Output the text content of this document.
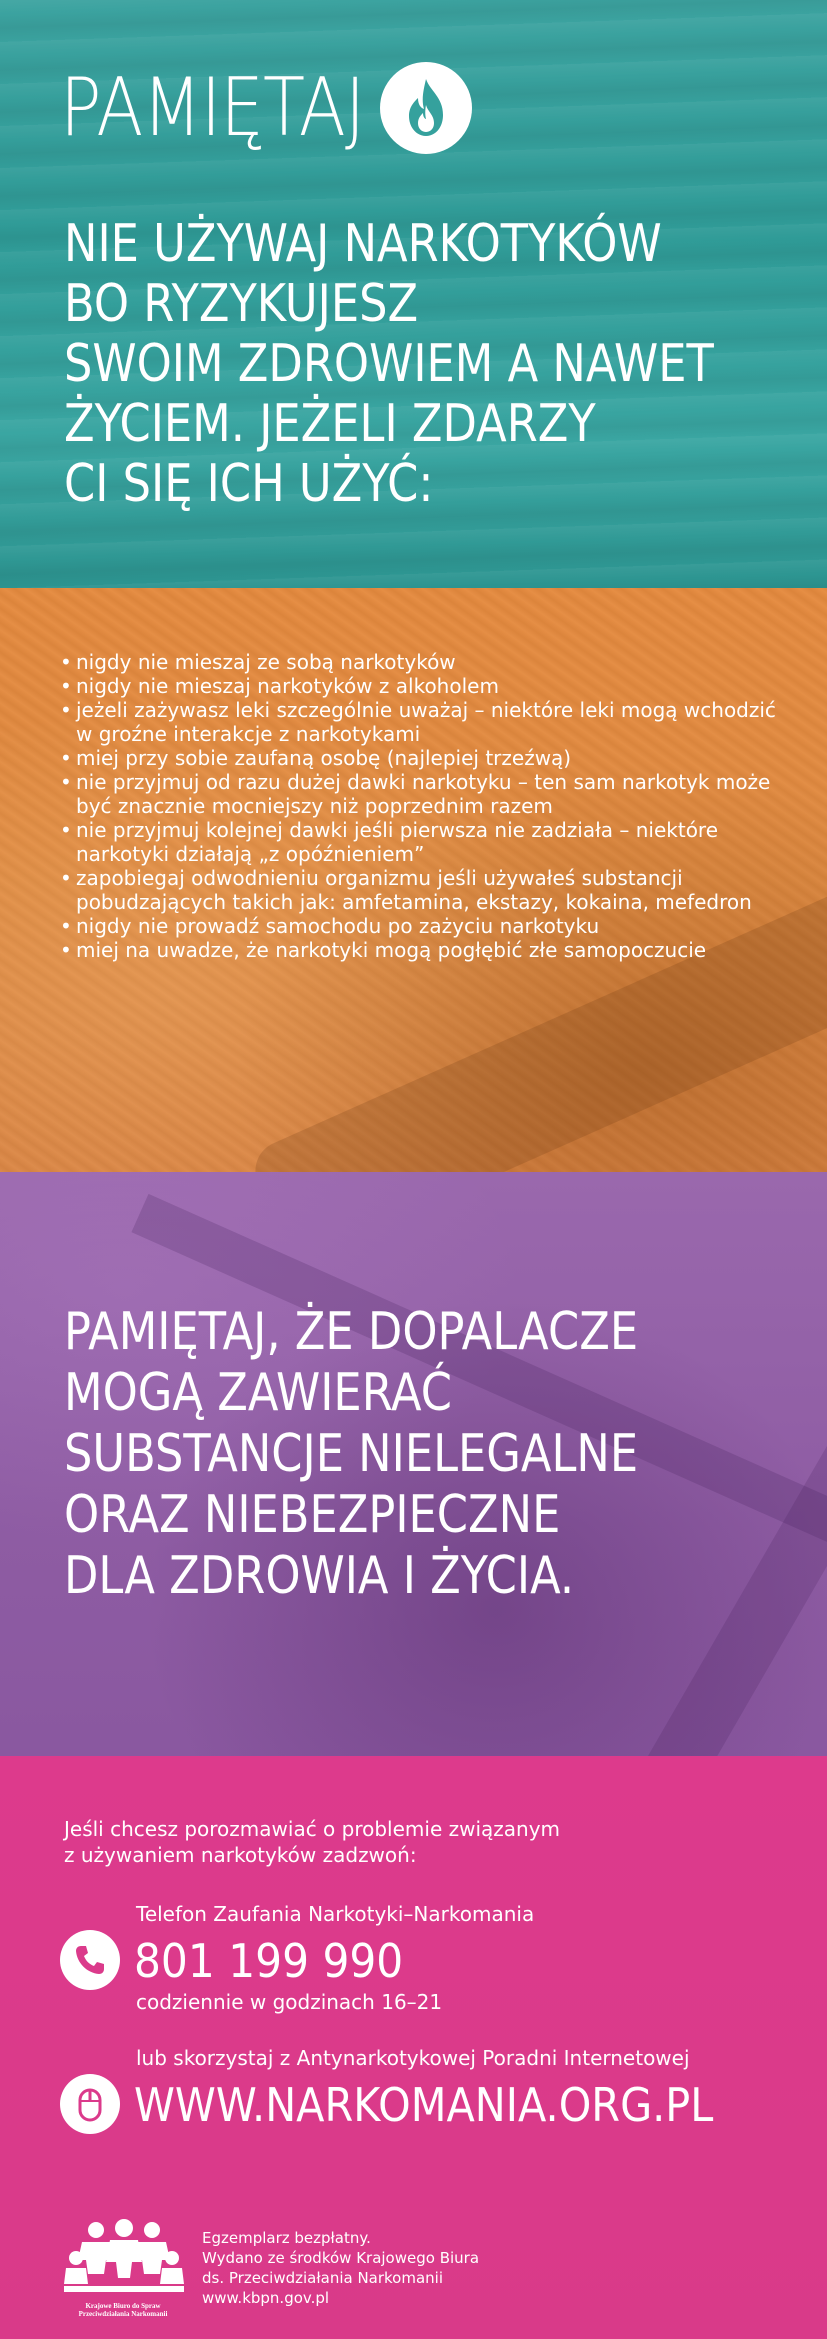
PAMIĘTAJ
NIE UŻYWAJ NARKOTYKÓW
BO RYZYKUJESZ
SWOIM ZDROWIEM A NAWET
ŻYCIEM. JEŻELI ZDARZY
CI SIĘ ICH UŻYĆ:
• nigdy nie mieszaj ze sobą narkotyków
• nigdy nie mieszaj narkotyków z alkoholem
• jeżeli zażywasz leki szczególnie uważaj – niektóre leki mogą wchodzić w groźne interakcje z narkotykami
• miej przy sobie zaufaną osobę (najlepiej trzeźwą)
• nie przyjmuj od razu dużej dawki narkotyku – ten sam narkotyk może być znacznie mocniejszy niż poprzednim razem
• nie przyjmuj kolejnej dawki jeśli pierwsza nie zadziała – niektóre narkotyki działają „z opóźnieniem”
• zapobiegaj odwodnieniu organizmu jeśli używałeś substancji pobudzających takich jak: amfetamina, ekstazy, kokaina, mefedron
• nigdy nie prowadź samochodu po zażyciu narkotyku
• miej na uwadze, że narkotyki mogą pogłębić złe samopoczucie
PAMIĘTAJ, ŻE DOPALACZE
MOGĄ ZAWIERAĆ
SUBSTANCJE NIELEGALNE
ORAZ NIEBEZPIECZNE
DLA ZDROWIA I ŻYCIA.
Jeśli chcesz porozmawiać o problemie związanym
z używaniem narkotyków zadzwoń:
Telefon Zaufania Narkotyki–Narkomania
801 199 990
codziennie w godzinach 16–21
lub skorzystaj z Antynarkotykowej Poradni Internetowej
WWW.NARKOMANIA.ORG.PL
Krajowe Biuro do Spraw
Przeciwdziałania Narkomanii
Egzemplarz bezpłatny.
Wydano ze środków Krajowego Biura
ds. Przeciwdziałania Narkomanii
www.kbpn.gov.pl
